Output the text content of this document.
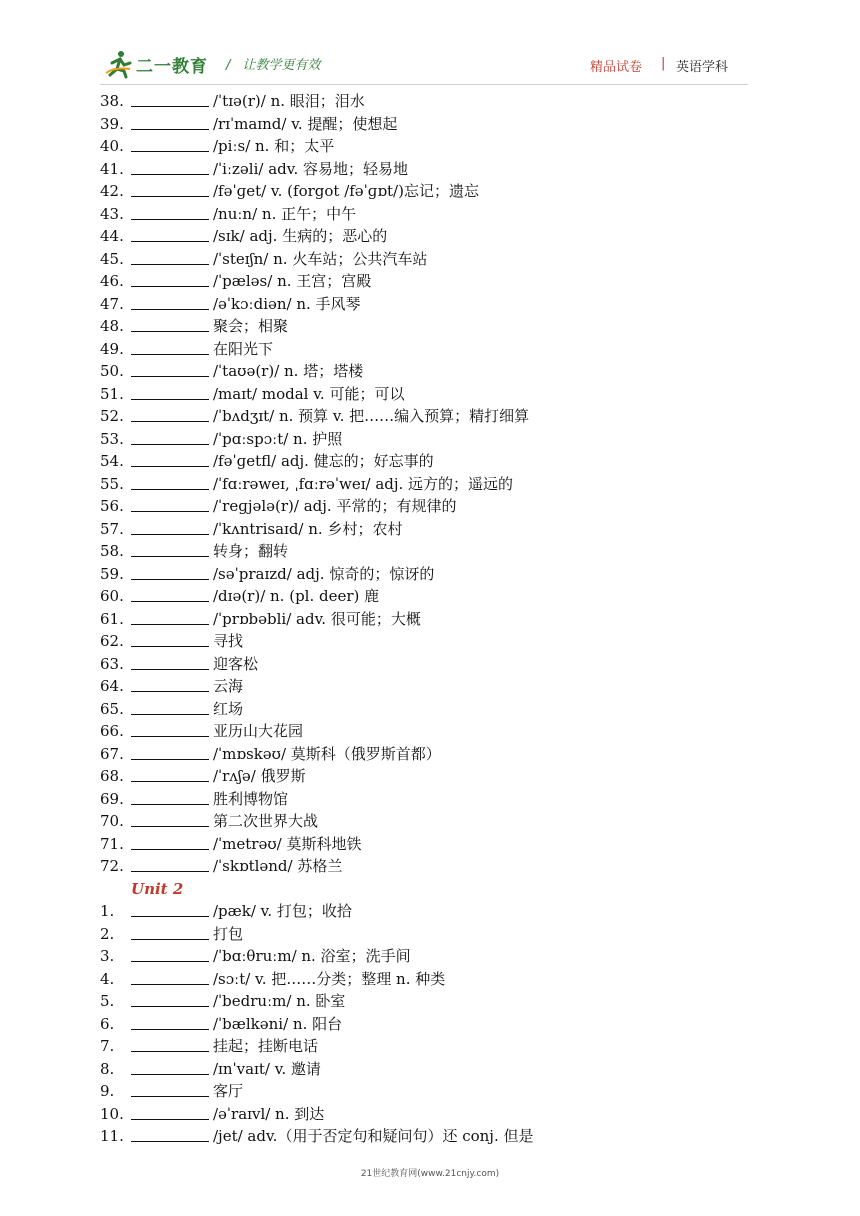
二一教育 / 让教学更有效	精品试卷 | 英语学科
38.	/ˈtɪə(r)/ n. 眼泪；泪水
39.	/rɪˈmaɪnd/ v. 提醒；使想起
40.	/piːs/ n. 和；太平
41.	/ˈiːzəli/ adv. 容易地；轻易地
42.	/fəˈɡet/ v. (forgot /fəˈɡɒt/)忘记；遗忘
43.	/nuːn/ n. 正午；中午
44.	/sɪk/ adj. 生病的；恶心的
45.	/ˈsteɪʃn/ n. 火车站；公共汽车站
46.	/ˈpæləs/ n. 王宫；宫殿
47.	/əˈkɔːdiən/ n. 手风琴
48.	聚会；相聚
49.	在阳光下
50.	/ˈtaʊə(r)/ n. 塔；塔楼
51.	/maɪt/ modal v. 可能；可以
52.	/ˈbʌdʒɪt/ n. 预算 v. 把……编入预算；精打细算
53.	/ˈpɑːspɔːt/ n. 护照
54.	/fəˈɡetfl/ adj. 健忘的；好忘事的
55.	/ˈfɑːrəweɪ, ˌfɑːrəˈweɪ/ adj. 远方的；遥远的
56.	/ˈreɡjələ(r)/ adj. 平常的；有规律的
57.	/ˈkʌntrisaɪd/ n. 乡村；农村
58.	转身；翻转
59.	/səˈpraɪzd/ adj. 惊奇的；惊讶的
60.	/dɪə(r)/ n. (pl. deer) 鹿
61.	/ˈprɒbəbli/ adv. 很可能；大概
62.	寻找
63.	迎客松
64.	云海
65.	红场
66.	亚历山大花园
67.	/ˈmɒskəʊ/ 莫斯科（俄罗斯首都）
68.	/ˈrʌʃə/ 俄罗斯
69.	胜利博物馆
70.	第二次世界大战
71.	/ˈmetrəʊ/ 莫斯科地铁
72.	/ˈskɒtlənd/ 苏格兰
Unit 2
1.	/pæk/ v. 打包；收拾
2.	打包
3.	/ˈbɑːθruːm/ n. 浴室；洗手间
4.	/sɔːt/ v. 把……分类；整理 n. 种类
5.	/ˈbedruːm/ n. 卧室
6.	/ˈbælkəni/ n. 阳台
7.	挂起；挂断电话
8.	/ɪnˈvaɪt/ v. 邀请
9.	客厅
10.	/əˈraɪvl/ n. 到达
11.	/jet/ adv.（用于否定句和疑问句）还 conj. 但是
21世纪教育网(www.21cnjy.com)
